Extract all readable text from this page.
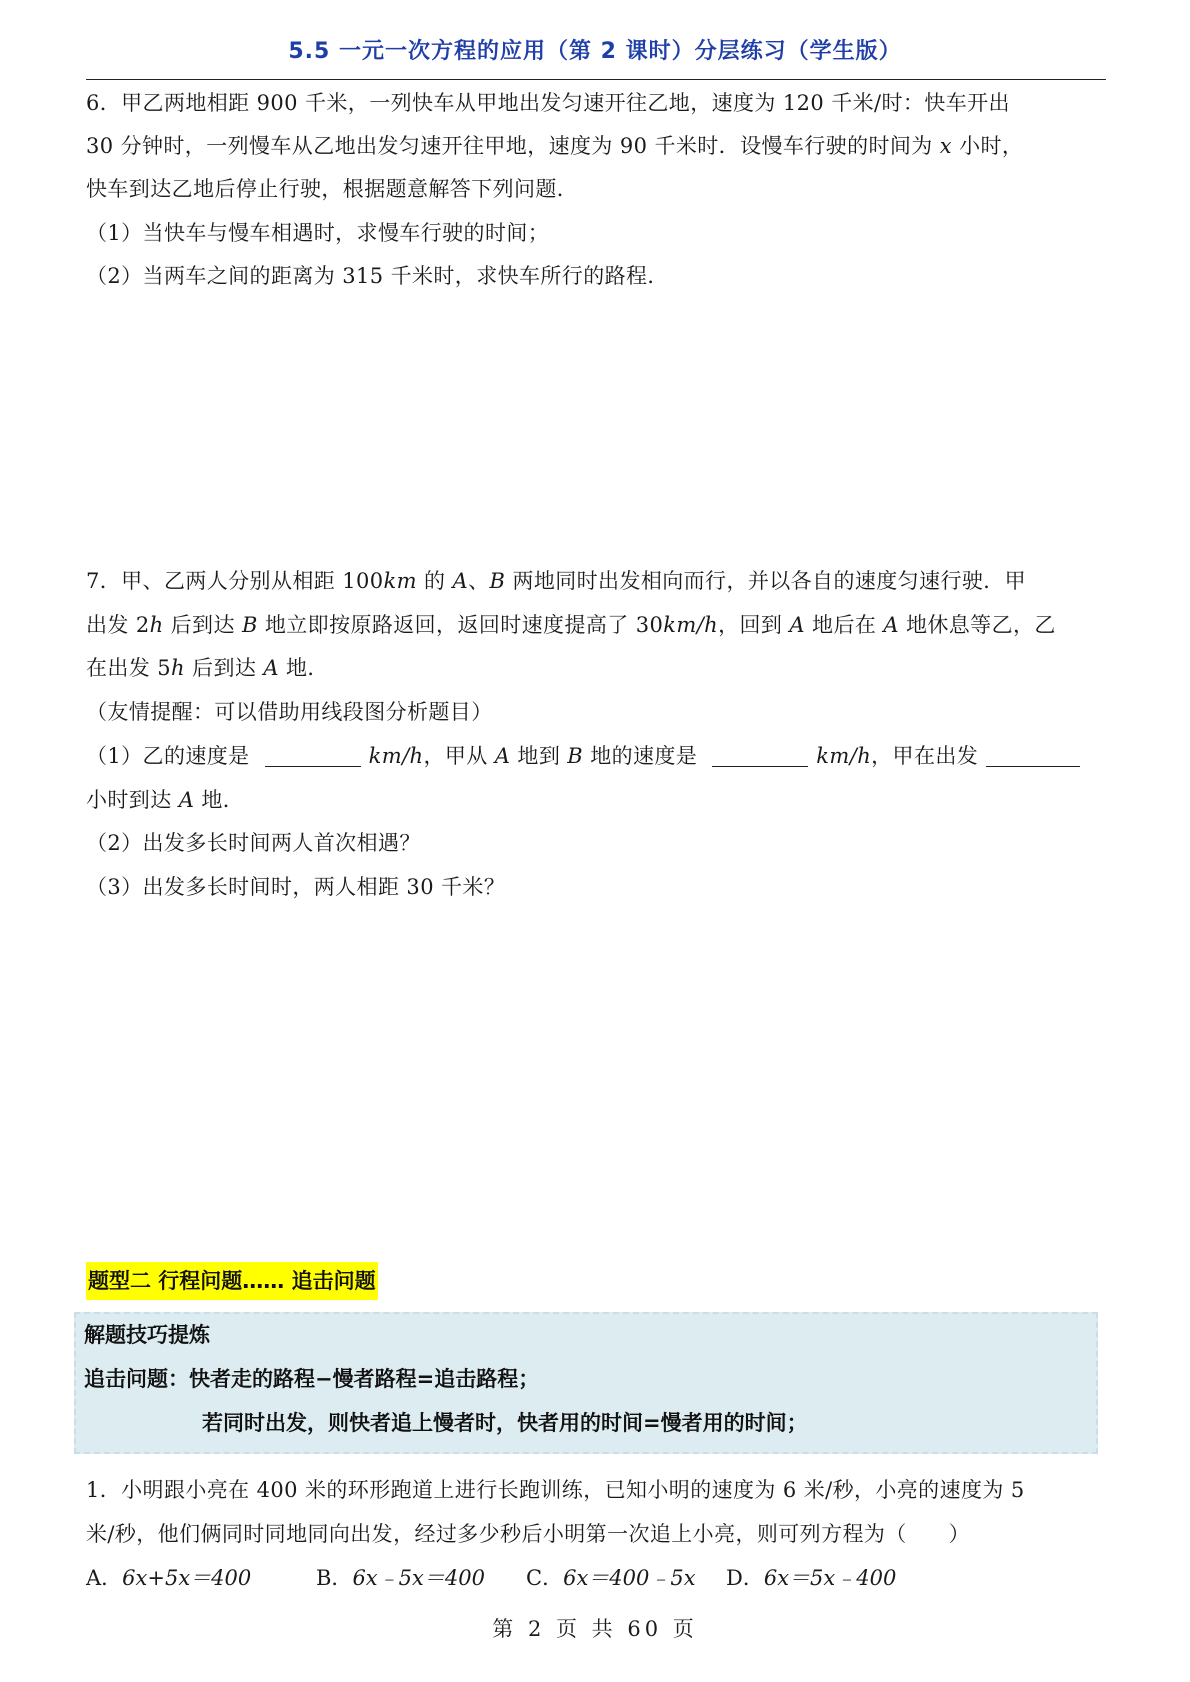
5.5 一元一次方程的应用（第 2 课时）分层练习（学生版）
6．甲乙两地相距 900 千米，一列快车从甲地出发匀速开往乙地，速度为 120 千米/时：快车开出
30 分钟时，一列慢车从乙地出发匀速开往甲地，速度为 90 千米时．设慢车行驶的时间为 x 小时，
快车到达乙地后停止行驶，根据题意解答下列问题．
（1）当快车与慢车相遇时，求慢车行驶的时间；
（2）当两车之间的距离为 315 千米时，求快车所行的路程．
7．甲、乙两人分别从相距 100km 的 A、B 两地同时出发相向而行，并以各自的速度匀速行驶．甲
出发 2h 后到达 B 地立即按原路返回，返回时速度提高了 30km/h，回到 A 地后在 A 地休息等乙，乙
在出发 5h 后到达 A 地．
（友情提醒：可以借助用线段图分析题目）
（1）乙的速度是	km/h，甲从 A 地到 B 地的速度是	km/h，甲在出发
小时到达 A 地．
（2）出发多长时间两人首次相遇？
（3）出发多长时间时，两人相距 30 千米？
题型二 行程问题…… 追击问题
解题技巧提炼
追击问题：快者走的路程−慢者路程=追击路程；
若同时出发，则快者追上慢者时，快者用的时间=慢者用的时间；
1．小明跟小亮在 400 米的环形跑道上进行长跑训练，已知小明的速度为 6 米/秒，小亮的速度为 5
米/秒，他们俩同时同地同向出发，经过多少秒后小明第一次追上小亮，则可列方程为（ ）
A．6x+5x＝400	B．6x﹣5x＝400 C．6x＝400﹣5x D．6x＝5x﹣400
第 2 页 共 60 页
